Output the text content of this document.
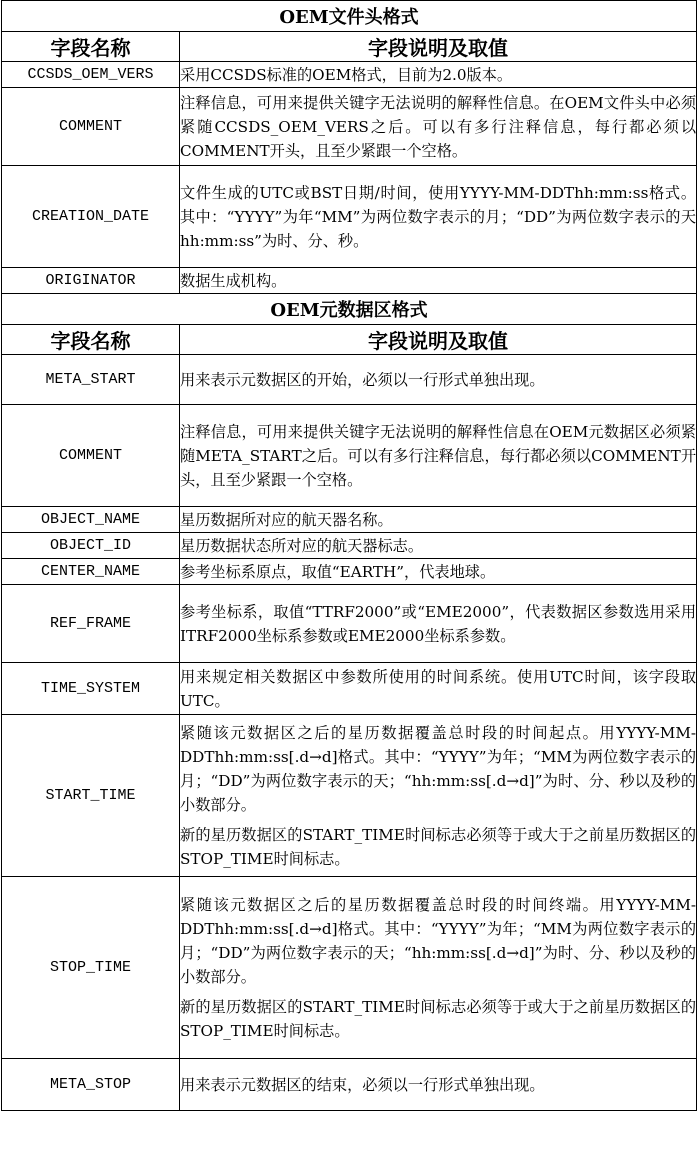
OEM文件头格式	
字段名称	字段说明及取值
CCSDS_OEM_VERS	采用CCSDS标准的OEM格式，目前为2.0版本。

COMMENT	注释信息，可用来提供关键字无法说明的解释性信息。在OEM文件头中必须紧随CCSDS_OEM_VERS之后。可以有多行注释信息，每行都必须以COMMENT开头，且至少紧跟一个空格。

CREATION_DATE	文件生成的UTC或BST日期/时间，使用YYYY-MM-DDThh:mm:ss格式。其中：“YYYY”为年“MM”为两位数字表示的月；“DD”为两位数字表示的天hh:mm:ss”为时、分、秒。

ORIGINATOR	数据生成机构。

OEM元数据区格式	
字段名称	字段说明及取值
META_START	用来表示元数据区的开始，必须以一行形式单独出现。

COMMENT	注释信息，可用来提供关键字无法说明的解释性信息在OEM元数据区必须紧随META_START之后。可以有多行注释信息，每行都必须以COMMENT开头，且至少紧跟一个空格。

OBJECT_NAME	星历数据所对应的航天器名称。

OBJECT_ID	星历数据状态所对应的航天器标志。

CENTER_NAME	参考坐标系原点，取值“EARTH”，代表地球。

REF_FRAME	参考坐标系，取值“TTRF2000”或“EME2000”，代表数据区参数选用采用ITRF2000坐标系参数或EME2000坐标系参数。

TIME_SYSTEM	用来规定相关数据区中参数所使用的时间系统。使用UTC时间，该字段取UTC。

START_TIME	紧随该元数据区之后的星历数据覆盖总时段的时间起点。用YYYY-MM-DDThh:mm:ss[.d→d]格式。其中：“YYYY”为年；“MM为两位数字表示的月；“DD”为两位数字表示的天；“hh:mm:ss[.d→d]”为时、分、秒以及秒的小数部分。

新的星历数据区的START_TIME时间标志必须等于或大于之前星历数据区的STOP_TIME时间标志。

STOP_TIME	紧随该元数据区之后的星历数据覆盖总时段的时间终端。用YYYY-MM-DDThh:mm:ss[.d→d]格式。其中：“YYYY”为年；“MM为两位数字表示的月；“DD”为两位数字表示的天；“hh:mm:ss[.d→d]”为时、分、秒以及秒的小数部分。

新的星历数据区的START_TIME时间标志必须等于或大于之前星历数据区的STOP_TIME时间标志。

META_STOP	用来表示元数据区的结束，必须以一行形式单独出现。
